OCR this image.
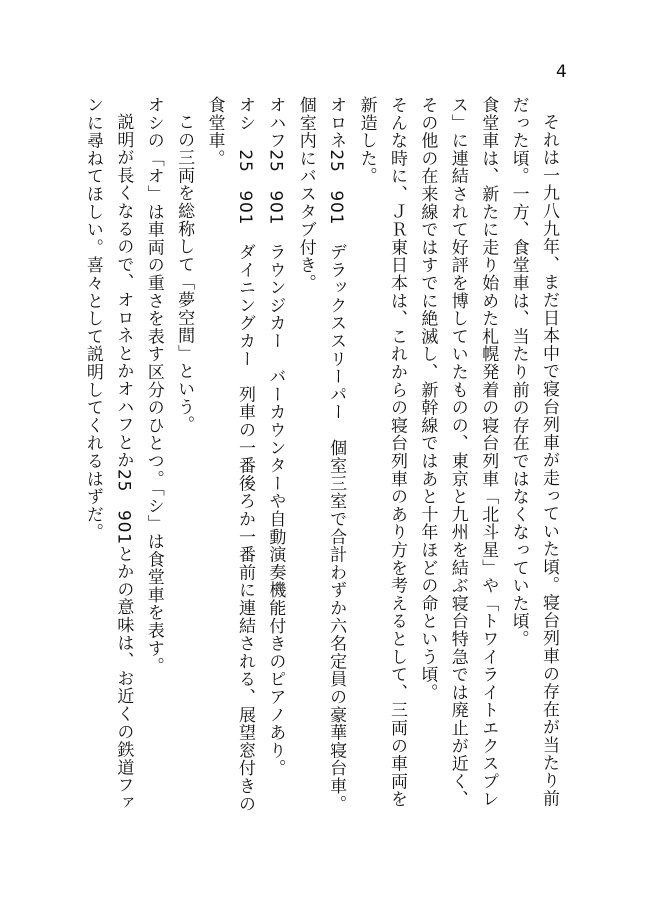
4

それは一九八九年、まだ日本中で寝台列車が走っていた頃。寝台列車の存在が当たり前だった頃。一方、食堂車は、当たり前の存在ではなくなっていた頃。

食堂車は、新たに走り始めた札幌発着の寝台列車「北斗星」や「トワイライトエクスプレス」に連結されて好評を博していたものの、東京と九州を結ぶ寝台特急では廃止が近く、その他の在来線ではすでに絶滅し、新幹線ではあと十年ほどの命という頃。

そんな時に、ＪＲ東日本は、これからの寝台列車のあり方を考えるとして、三両の車両を新造した。

オロネ25　901　デラックススリーパー　個室三室で合計わずか六名定員の豪華寝台車。個室内にバスタブ付き。

オハフ25　901　ラウンジカー　バーカウンターや自動演奏機能付きのピアノあり。

オシ　25　901　ダイニングカー　列車の一番後ろか一番前に連結される、展望窓付きの食堂車。

この三両を総称して「夢空間」という。

オシの「オ」は車両の重さを表す区分のひとつ。「シ」は食堂車を表す。

説明が長くなるので、オロネとかオハフとか25　901とかの意味は、お近くの鉄道ファンに尋ねてほしい。喜々として説明してくれるはずだ。
